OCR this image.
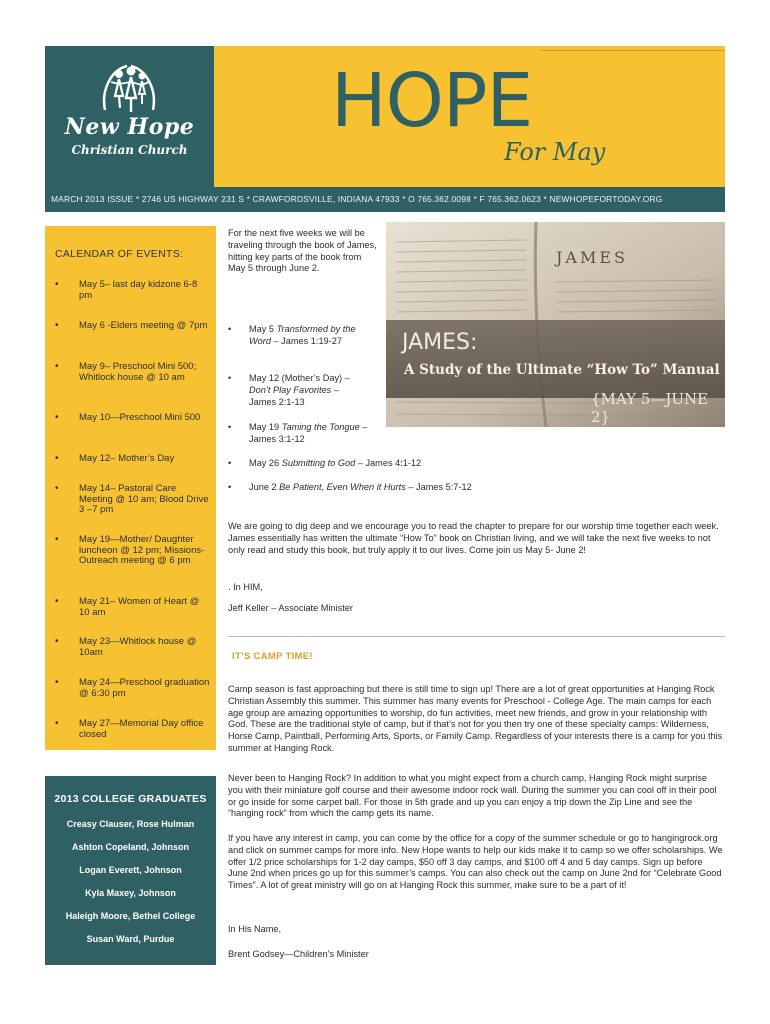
New Hope
Christian Church
HOPE
For May
MARCH 2013 ISSUE * 2746 US HIGHWAY 231 S * CRAWFORDSVILLE, INDIANA 47933 * O 765.362.0098 * F 765.362.0623 * NEWHOPEFORTODAY.ORG
CALENDAR OF EVENTS:
• May 5– last day kidzone 6-8 pm
• May 6 -Elders meeting @ 7pm
• May 9– Preschool Mini 500; Whitlock house @ 10 am
• May 10—Preschool Mini 500
• May 12– Mother’s Day
• May 14– Pastoral Care Meeting @ 10 am; Blood Drive 3 –7 pm
• May 19—Mother/ Daughter luncheon @ 12 pm; Missions-Outreach meeting @ 6 pm
• May 21– Women of Heart @ 10 am
• May 23—Whitlock house @ 10am
• May 24—Preschool graduation @ 6:30 pm
• May 27—Memorial Day office closed
2013 COLLEGE GRADUATES
Creasy Clauser, Rose Hulman
Ashton Copeland, Johnson
Logan Everett, Johnson
Kyla Maxey, Johnson
Haleigh Moore, Bethel College
Susan Ward, Purdue
For the next five weeks we will be traveling through the book of James, hitting key parts of the book from May 5 through June 2.
JAMES
JAMES:
A Study of the Ultimate “How To” Manual
{MAY 5—JUNE 2}
• May 5 Transformed by the Word – James 1:19-27
• May 12 (Mother’s Day) – Don’t Play Favorites – James 2:1-13
• May 19 Taming the Tongue – James 3:1-12
• May 26 Submitting to God – James 4:1-12
• June 2 Be Patient, Even When it Hurts – James 5:7-12
We are going to dig deep and we encourage you to read the chapter to prepare for our worship time together each week. James essentially has written the ultimate “How To” book on Christian living, and we will take the next five weeks to not only read and study this book, but truly apply it to our lives. Come join us May 5- June 2!
. In HIM,
Jeff Keller – Associate Minister
IT’S CAMP TIME!
Camp season is fast approaching but there is still time to sign up! There are a lot of great opportunities at Hanging Rock Christian Assembly this summer. This summer has many events for Preschool - College Age. The main camps for each age group are amazing opportunities to worship, do fun activities, meet new friends, and grow in your relationship with God. These are the traditional style of camp, but if that’s not for you then try one of these specialty camps: Wilderness, Horse Camp, Paintball, Performing Arts, Sports, or Family Camp. Regardless of your interests there is a camp for you this summer at Hanging Rock.
Never been to Hanging Rock? In addition to what you might expect from a church camp, Hanging Rock might surprise you with their miniature golf course and their awesome indoor rock wall. During the summer you can cool off in their pool or go inside for some carpet ball. For those in 5th grade and up you can enjoy a trip down the Zip Line and see the “hanging rock” from which the camp gets its name.
If you have any interest in camp, you can come by the office for a copy of the summer schedule or go to hangingrock.org and click on summer camps for more info. New Hope wants to help our kids make it to camp so we offer scholarships. We offer 1/2 price scholarships for 1-2 day camps, $50 off 3 day camps, and $100 off 4 and 5 day camps. Sign up before June 2nd when prices go up for this summer’s camps. You can also check out the camp on June 2nd for “Celebrate Good Times”. A lot of great ministry will go on at Hanging Rock this summer, make sure to be a part of it!
In His Name,
Brent Godsey—Children’s Minister
